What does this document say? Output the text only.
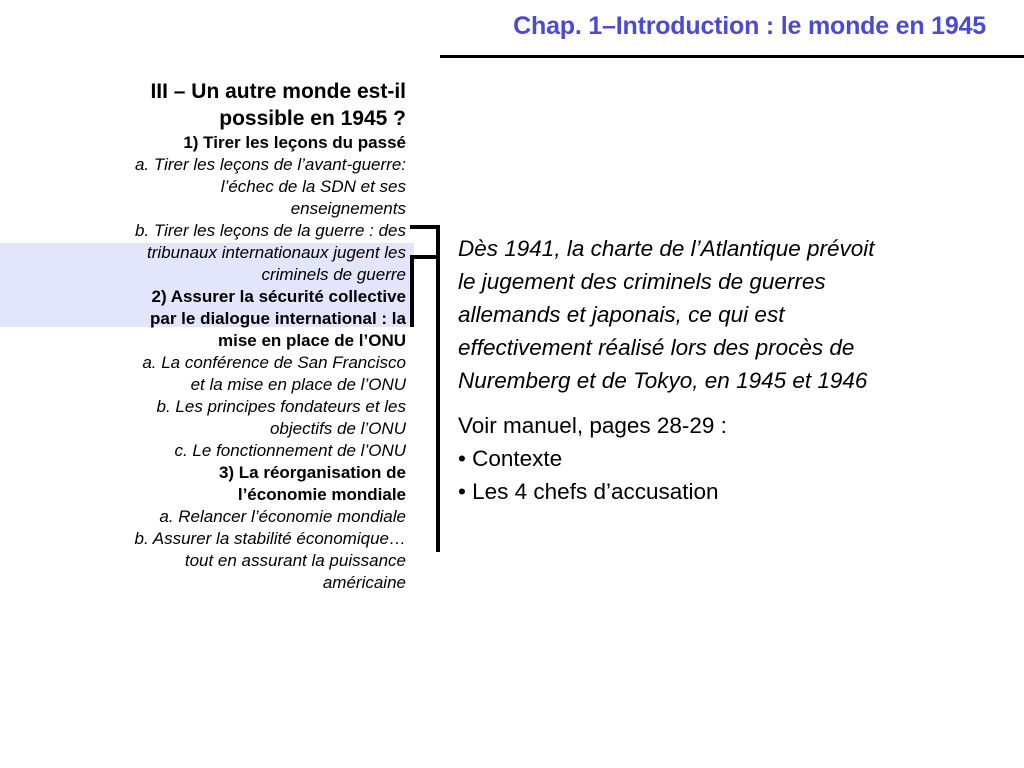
Chap. 1–Introduction : le monde en 1945
III – Un autre monde est-il
possible en 1945 ?
1) Tirer les leçons du passé
a. Tirer les leçons de l’avant-guerre:
l’échec de la SDN et ses
enseignements
b. Tirer les leçons de la guerre : des
tribunaux internationaux jugent les
criminels de guerre
2) Assurer la sécurité collective
par le dialogue international : la
mise en place de l’ONU
a. La conférence de San Francisco
et la mise en place de l’ONU
b. Les principes fondateurs et les
objectifs de l’ONU
c. Le fonctionnement de l’ONU
3) La réorganisation de
l’économie mondiale
a. Relancer l’économie mondiale
b. Assurer la stabilité économique…
tout en assurant la puissance
américaine
Dès 1941, la charte de l’Atlantique prévoit
le jugement des criminels de guerres
allemands et japonais, ce qui est
effectivement réalisé lors des procès de
Nuremberg et de Tokyo, en 1945 et 1946
Voir manuel, pages 28-29 :
• Contexte
• Les 4 chefs d’accusation
